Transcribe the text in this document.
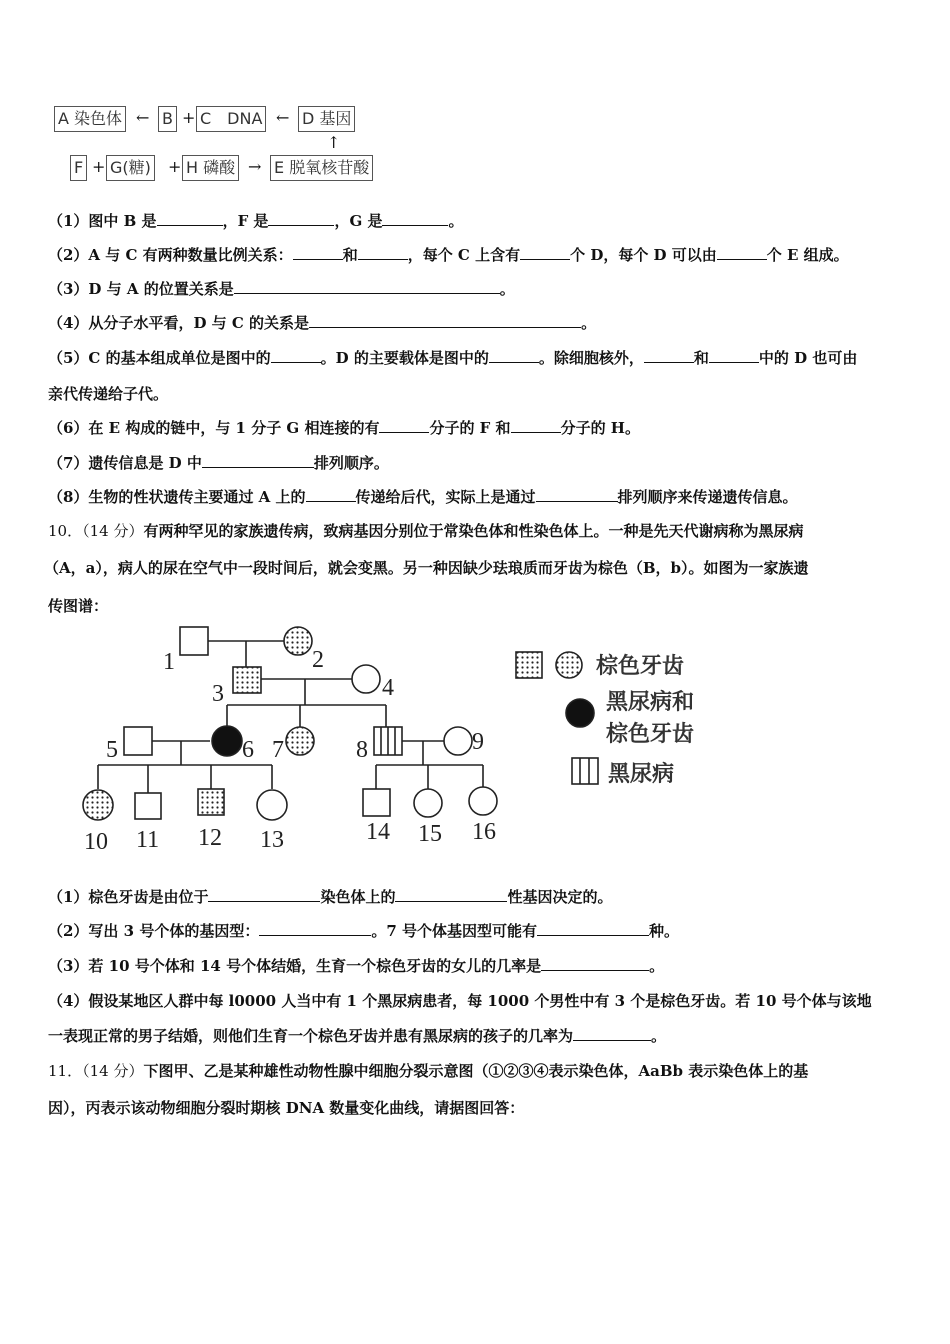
A 染色体 ← B + C　DNA ← D 基因
↑
F + G(糖) + H 磷酸 → E 脱氧核苷酸
（1）图中 B 是	，F 是	，G 是	。
（2）A 与 C 有两种数量比例关系：	和	，每个 C 上含有	个 D，每个 D 可以由	个 E 组成。
（3）D 与 A 的位置关系是	。
（4）从分子水平看，D 与 C 的关系是	。
（5）C 的基本组成单位是图中的	。D 的主要载体是图中的	。除细胞核外，	和	中的 D 也可由
亲代传递给子代。
（6）在 E 构成的链中，与 1 分子 G 相连接的有	分子的 F 和	分子的 H。
（7）遗传信息是 D 中	排列顺序。
（8）生物的性状遗传主要通过 A 上的	传递给后代，实际上是通过	排列顺序来传递遗传信息。
10．（14 分）有两种罕见的家族遗传病，致病基因分别位于常染色体和性染色体上。一种是先天代谢病称为黑尿病
（A，a），病人的尿在空气中一段时间后，就会变黑。另一种因缺少珐琅质而牙齿为棕色（B，b）。如图为一家族遗
传图谱：
1	2
3	4
5	6 7	8	9
10 11 12 13	14 15 16
棕色牙齿
黑尿病和
棕色牙齿
黑尿病
（1）棕色牙齿是由位于	染色体上的	性基因决定的。
（2）写出 3 号个体的基因型：	。7 号个体基因型可能有	种。
（3）若 10 号个体和 14 号个体结婚，生育一个棕色牙齿的女儿的几率是	。
（4）假设某地区人群中每 l0000 人当中有 1 个黑尿病患者，每 1000 个男性中有 3 个是棕色牙齿。若 10 号个体与该地
一表现正常的男子结婚，则他们生育一个棕色牙齿并患有黑尿病的孩子的几率为	。
11．（14 分）下图甲、乙是某种雄性动物性腺中细胞分裂示意图（①②③④表示染色体，AaBb 表示染色体上的基
因），丙表示该动物细胞分裂时期核 DNA 数量变化曲线，请据图回答：
